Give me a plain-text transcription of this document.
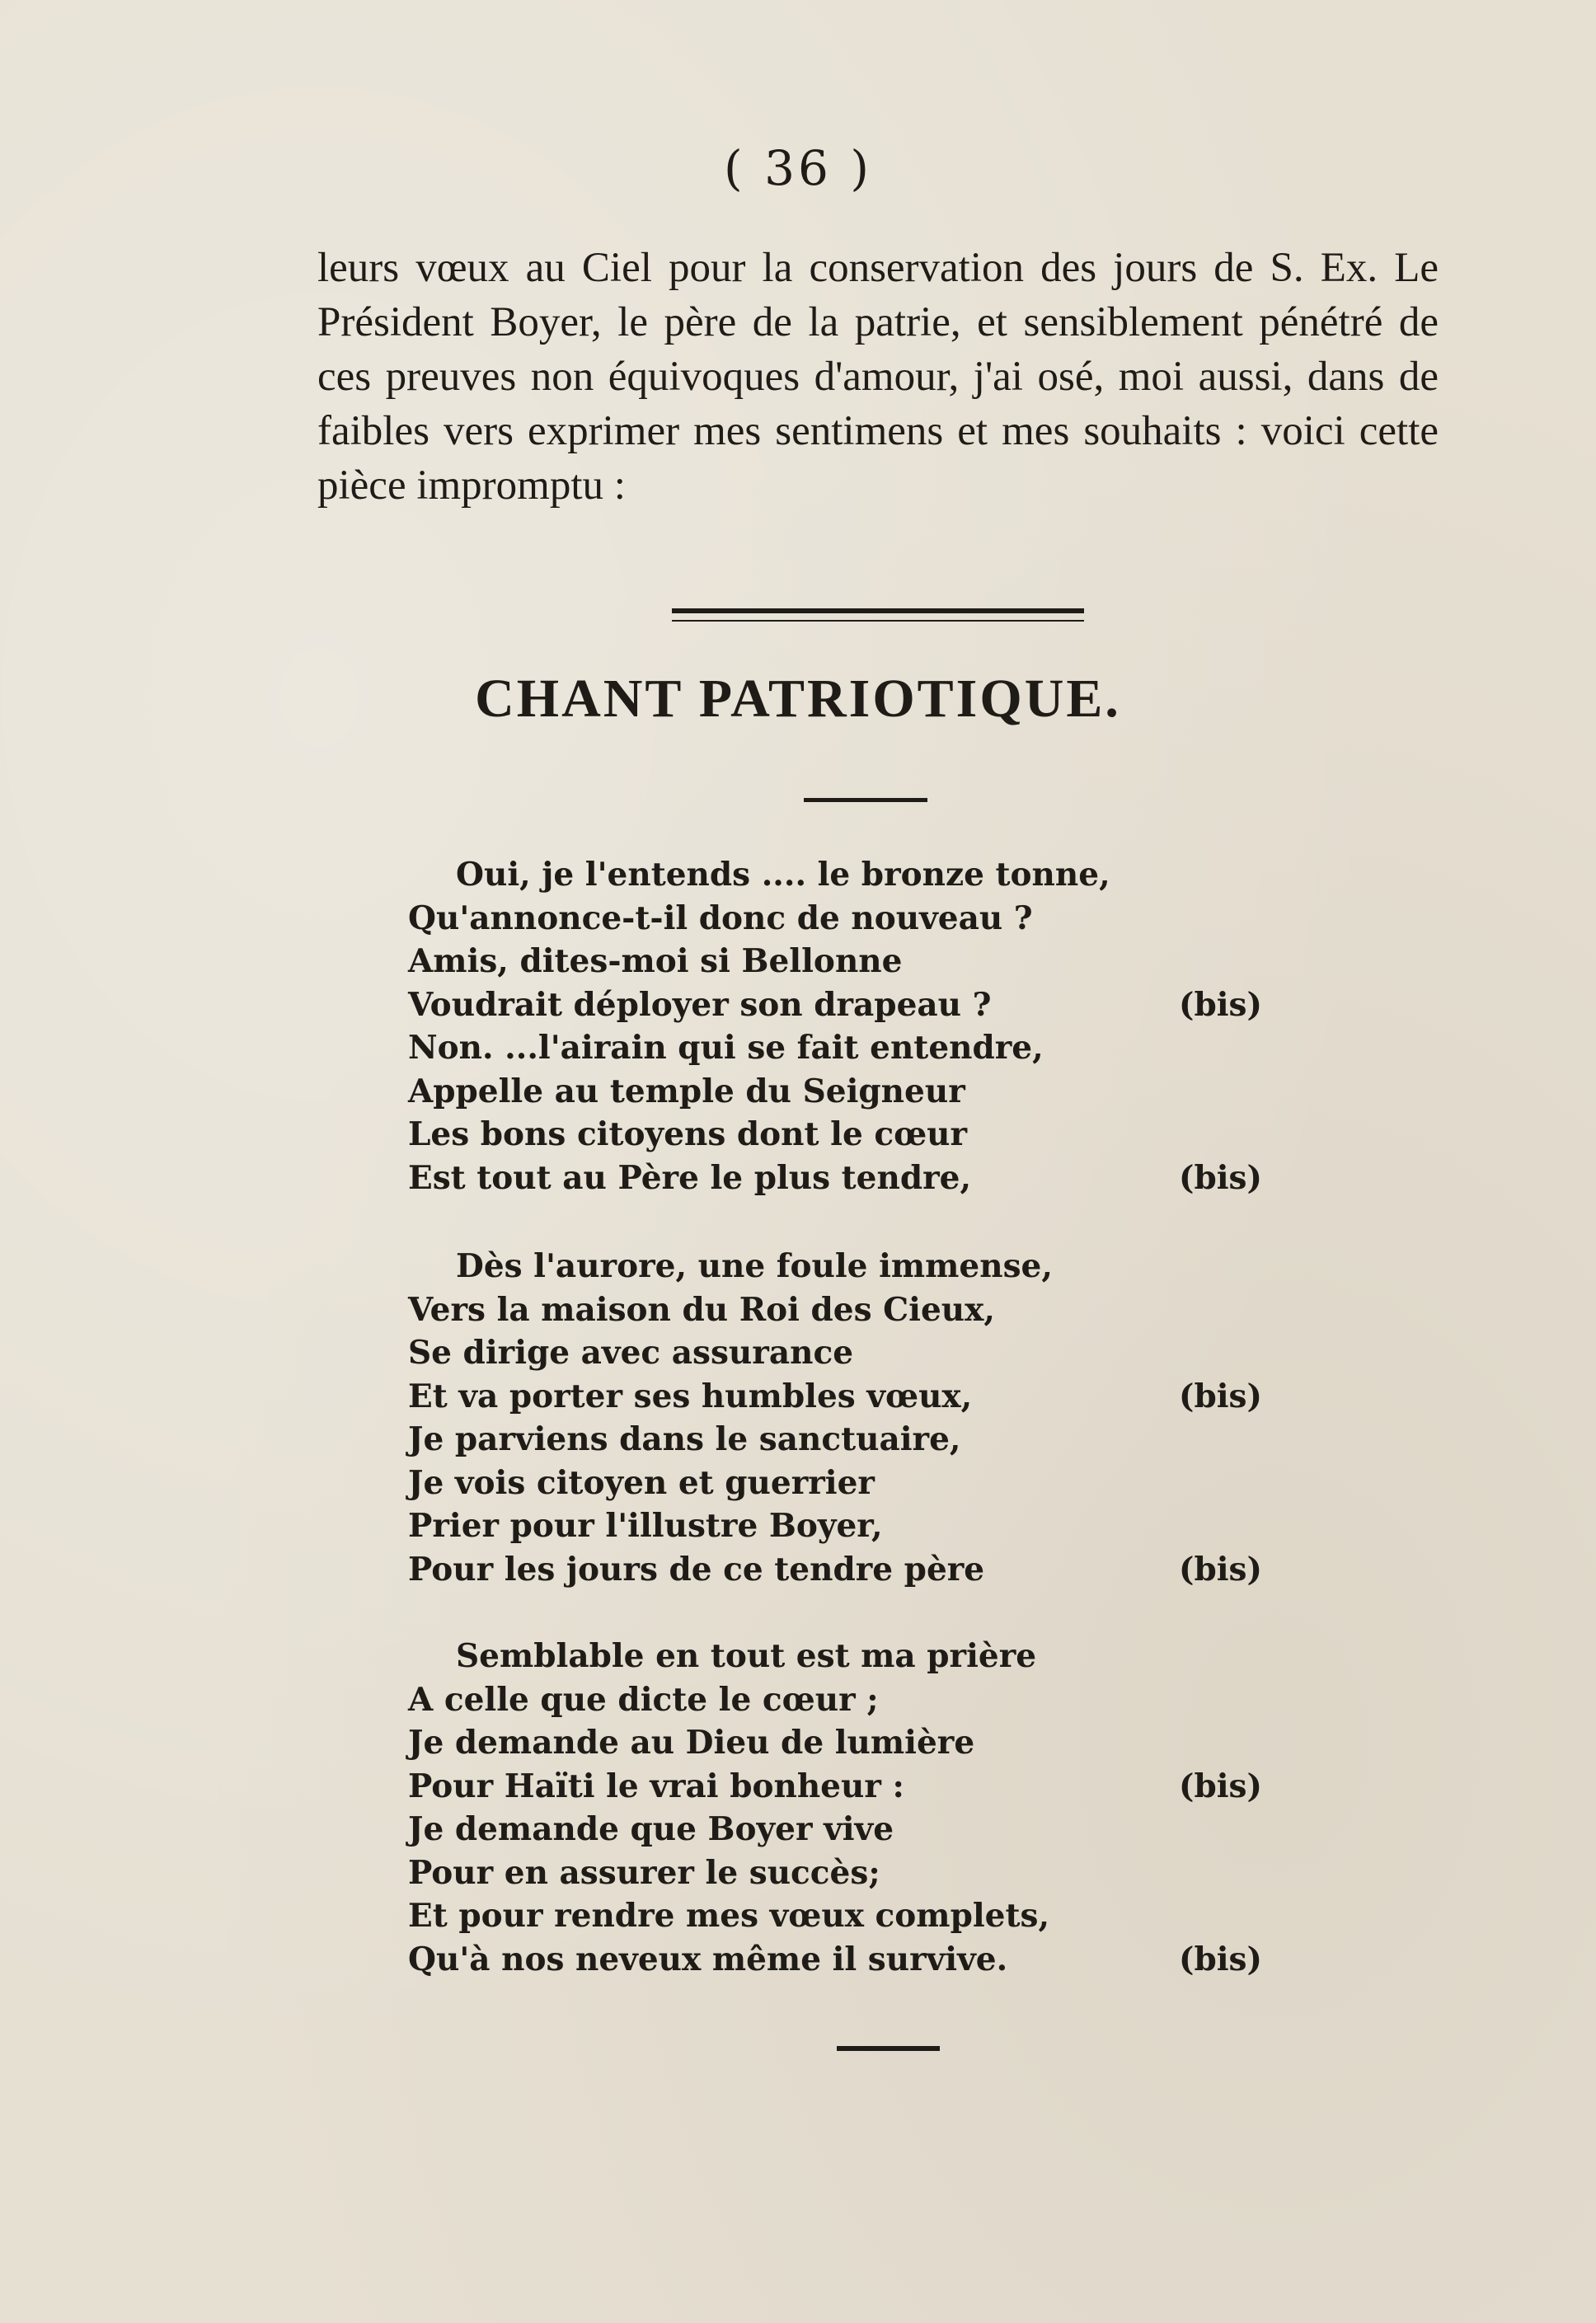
( 36 )

leurs vœux au Ciel pour la conservation des jours de S. Ex. Le Président Boyer, le père de la patrie, et sensiblement pénétré de ces preuves non équivoques d'amour, j'ai osé, moi aussi, dans de faibles vers exprimer mes sentimens et mes souhaits : voici cette pièce impromptu :

CHANT PATRIOTIQUE.
Oui, je l'entends .... le bronze tonne,
Qu'annonce-t-il donc de nouveau ?
Amis, dites-moi si Bellonne
Voudrait déployer son drapeau ?	(bis)
Non. ...l'airain qui se fait entendre,
Appelle au temple du Seigneur
Les bons citoyens dont le cœur
Est tout au Père le plus tendre,	(bis)
Dès l'aurore, une foule immense,
Vers la maison du Roi des Cieux,
Se dirige avec assurance
Et va porter ses humbles vœux,	(bis)
Je parviens dans le sanctuaire,
Je vois citoyen et guerrier
Prier pour l'illustre Boyer,
Pour les jours de ce tendre père	(bis)
Semblable en tout est ma prière
A celle que dicte le cœur ;
Je demande au Dieu de lumière
Pour Haïti le vrai bonheur :	(bis)
Je demande que Boyer vive
Pour en assurer le succès;
Et pour rendre mes vœux complets,
Qu'à nos neveux même il survive.	(bis)
